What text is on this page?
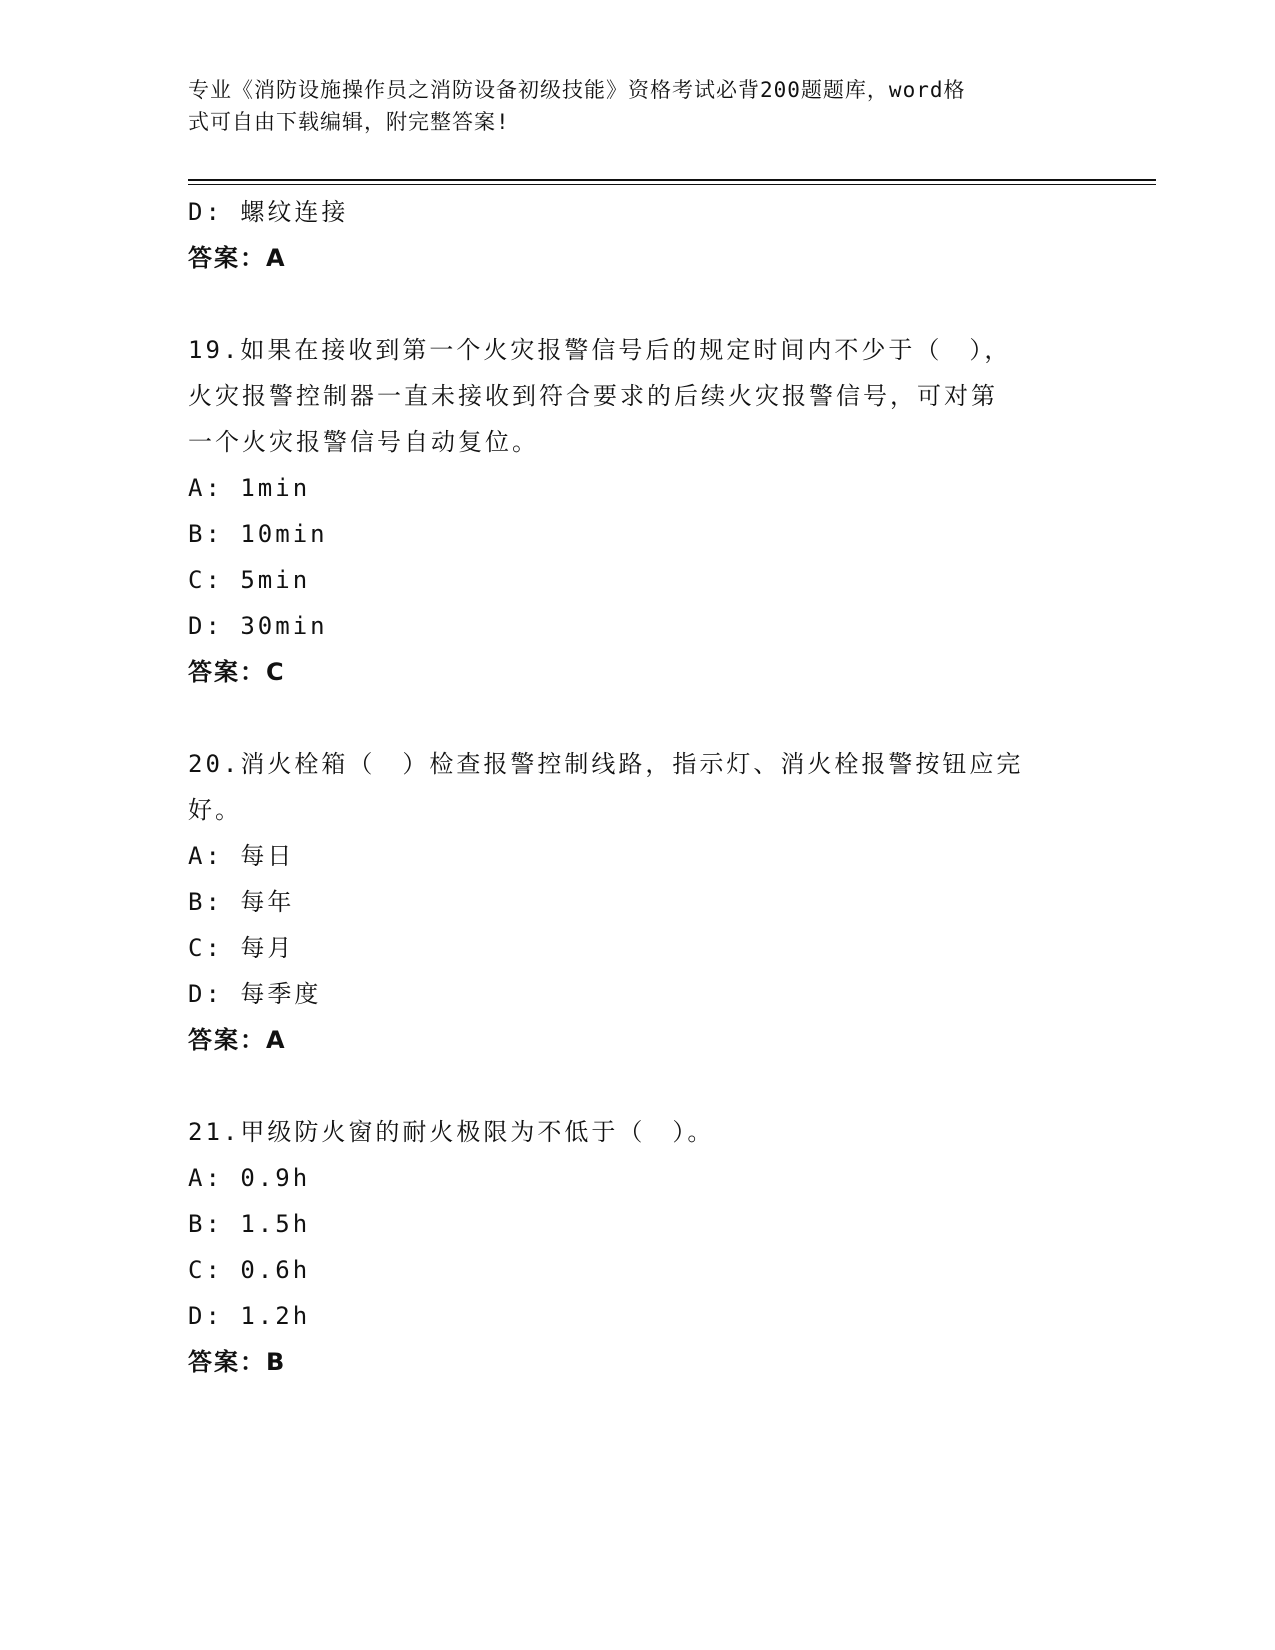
专业《消防设施操作员之消防设备初级技能》资格考试必背200题题库，word格
式可自由下载编辑，附完整答案!
D: 螺纹连接
答案：A
19.如果在接收到第一个火灾报警信号后的规定时间内不少于（　），
火灾报警控制器一直未接收到符合要求的后续火灾报警信号，可对第
一个火灾报警信号自动复位。
A: 1min
B: 10min
C: 5min
D: 30min
答案：C
20.消火栓箱（　）检查报警控制线路，指示灯、消火栓报警按钮应完
好。
A: 每日
B: 每年
C: 每月
D: 每季度
答案：A
21.甲级防火窗的耐火极限为不低于（　）。
A: 0.9h
B: 1.5h
C: 0.6h
D: 1.2h
答案：B
